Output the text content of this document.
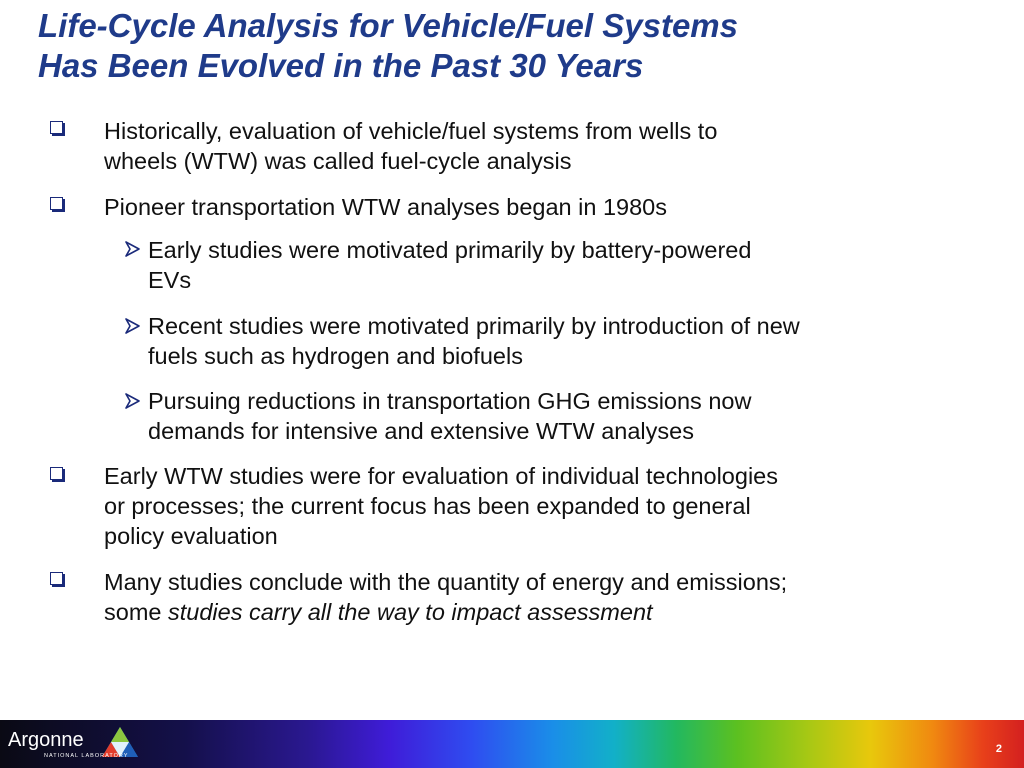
Life-Cycle Analysis for Vehicle/Fuel Systems
Has Been Evolved in the Past 30 Years
Historically, evaluation of vehicle/fuel systems from wells to
wheels (WTW) was called fuel-cycle analysis
Pioneer transportation WTW analyses began in 1980s
Early studies were motivated primarily by battery-powered
EVs
Recent studies were motivated primarily by introduction of new
fuels such as hydrogen and biofuels
Pursuing reductions in transportation GHG emissions now
demands for intensive and extensive WTW analyses
Early WTW studies were for evaluation of individual technologies
or processes; the current focus has been expanded to general
policy evaluation
Many studies conclude with the quantity of energy and emissions;
some studies carry all the way to impact assessment
Argonne
NATIONAL LABORATORY
2
